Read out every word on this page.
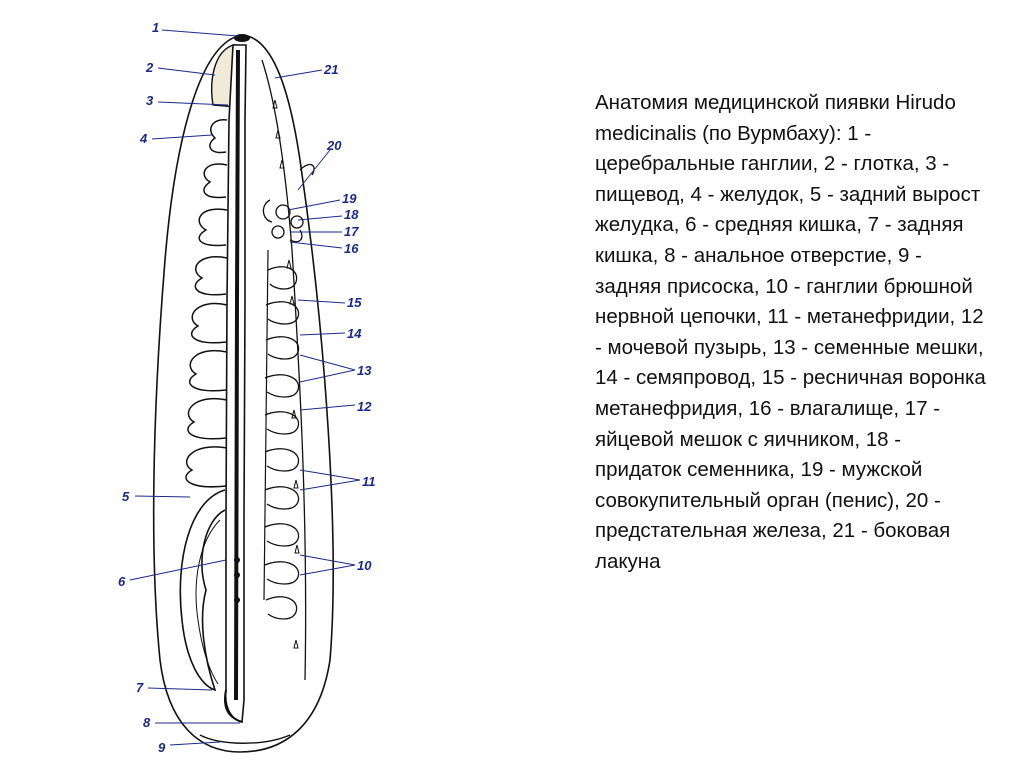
1
2
3
4
5
6
7
8
9
10
11
12
13
14
15
16
17
18
19
20
21
Анатомия медицинской пиявки Hirudo medicinalis (по Вурмбаху): 1 - церебральные ганглии, 2 - глотка, 3 - пищевод, 4 - желудок, 5 - задний вырост желудка, 6 - средняя кишка, 7 - задняя кишка, 8 - анальное отверстие, 9 - задняя присоска, 10 - ганглии брюшной нервной цепочки, 11 - метанефридии, 12 - мочевой пузырь, 13 - семенные мешки, 14 - семяпровод, 15 - ресничная воронка метанефридия, 16 - влагалище, 17 - яйцевой мешок с яичником, 18 - придаток семенника, 19 - мужской совокупительный орган (пенис), 20 - предстательная железа, 21 - боковая лакуна
